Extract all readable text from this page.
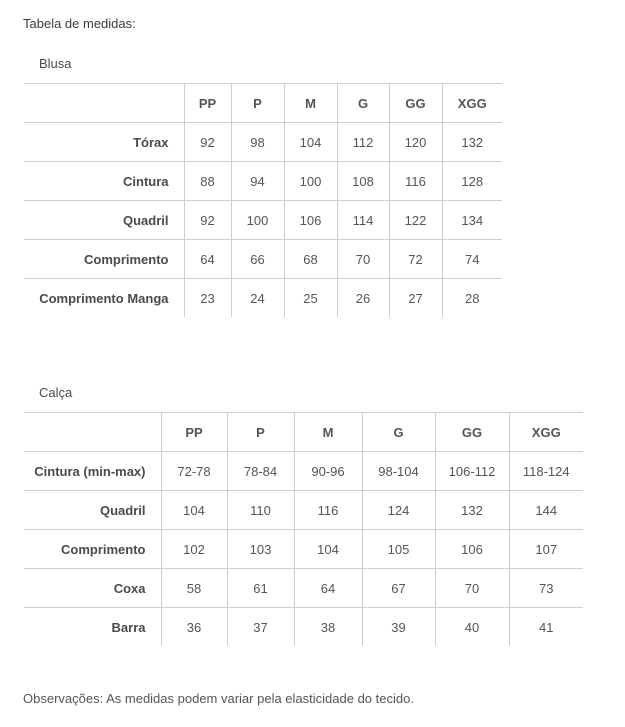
Tabela de medidas:
Blusa
	PP	P	M	G	GG	XGG
Tórax	92	98	104	112	120	132
Cintura	88	94	100	108	116	128
Quadril	92	100	106	114	122	134
Comprimento	64	66	68	70	72	74
Comprimento Manga	23	24	25	26	27	28
Calça
	PP	P	M	G	GG	XGG
Cintura (min-max)	72-78	78-84	90-96	98-104	106-112	118-124
Quadril	104	110	116	124	132	144
Comprimento	102	103	104	105	106	107
Coxa	58	61	64	67	70	73
Barra	36	37	38	39	40	41
Observações: As medidas podem variar pela elasticidade do tecido.
